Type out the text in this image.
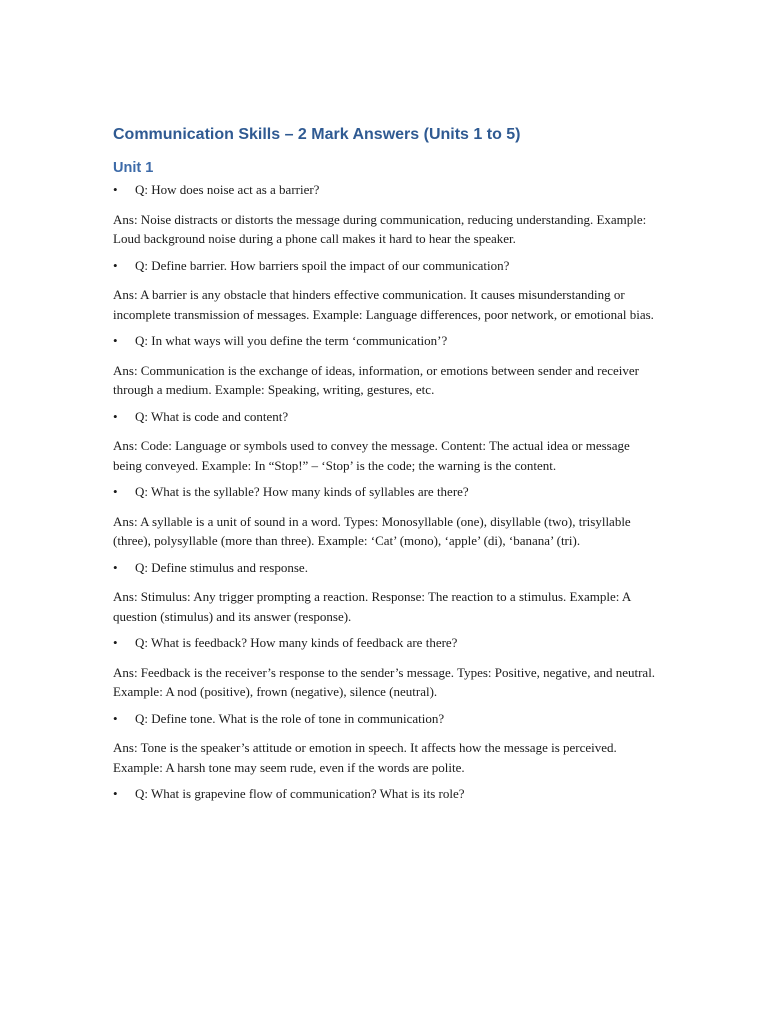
Communication Skills – 2 Mark Answers (Units 1 to 5)
Unit 1
•	Q: How does noise act as a barrier?

Ans: Noise distracts or distorts the message during communication, reducing understanding. Example: Loud background noise during a phone call makes it hard to hear the speaker.

•	Q: Define barrier. How barriers spoil the impact of our communication?

Ans: A barrier is any obstacle that hinders effective communication. It causes misunderstanding or incomplete transmission of messages. Example: Language differences, poor network, or emotional bias.

•	Q: In what ways will you define the term ‘communication’?

Ans: Communication is the exchange of ideas, information, or emotions between sender and receiver through a medium. Example: Speaking, writing, gestures, etc.

•	Q: What is code and content?

Ans: Code: Language or symbols used to convey the message. Content: The actual idea or message being conveyed. Example: In “Stop!” – ‘Stop’ is the code; the warning is the content.

•	Q: What is the syllable? How many kinds of syllables are there?

Ans: A syllable is a unit of sound in a word. Types: Monosyllable (one), disyllable (two), trisyllable (three), polysyllable (more than three). Example: ‘Cat’ (mono), ‘apple’ (di), ‘banana’ (tri).

•	Q: Define stimulus and response.

Ans: Stimulus: Any trigger prompting a reaction. Response: The reaction to a stimulus. Example: A question (stimulus) and its answer (response).

•	Q: What is feedback? How many kinds of feedback are there?

Ans: Feedback is the receiver’s response to the sender’s message. Types: Positive, negative, and neutral. Example: A nod (positive), frown (negative), silence (neutral).

•	Q: Define tone. What is the role of tone in communication?

Ans: Tone is the speaker’s attitude or emotion in speech. It affects how the message is perceived. Example: A harsh tone may seem rude, even if the words are polite.

•	Q: What is grapevine flow of communication? What is its role?
